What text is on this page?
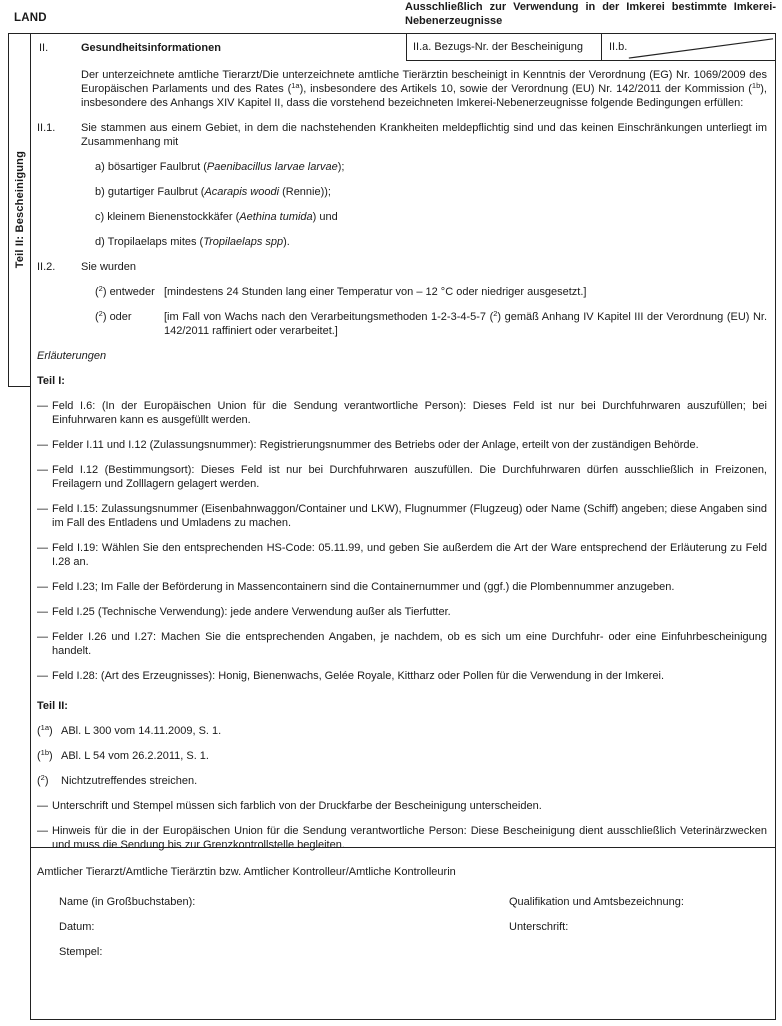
LAND
Ausschließlich zur Verwendung in der Imkerei bestimmte Imkerei-Nebenerzeugnisse
Teil II: Bescheinigung
II.	Gesundheitsinformationen	II.a. Bezugs-Nr. der Bescheinigung II.b.
Der unterzeichnete amtliche Tierarzt/Die unterzeichnete amtliche Tierärztin bescheinigt in Kenntnis der Verordnung (EG) Nr. 1069/2009 des Europäischen Parlaments und des Rates ($^{1a}$), insbesondere des Artikels 10, sowie der Verordnung (EU) Nr. 142/2011 der Kommission ($^{1b}$), insbesondere des Anhangs XIV Kapitel II, dass die vorstehend bezeichneten Imkerei-Nebenerzeugnisse folgende Bedingungen erfüllen:
II.1.	Sie stammen aus einem Gebiet, in dem die nachstehenden Krankheiten meldepflichtig sind und das keinen Einschränkungen unterliegt im Zusammenhang mit
a) bösartiger Faulbrut (Paenibacillus larvae larvae);
b) gutartiger Faulbrut (Acarapis woodi (Rennie));
c) kleinem Bienenstockkäfer (Aethina tumida) und
d) Tropilaelaps mites (Tropilaelaps spp).
II.2.	Sie wurden
($^2$) entweder [mindestens 24 Stunden lang einer Temperatur von – 12 °C oder niedriger ausgesetzt.]
($^2$) oder	[im Fall von Wachs nach den Verarbeitungsmethoden 1-2-3-4-5-7 ($^2$) gemäß Anhang IV Kapitel III der Verordnung (EU) Nr. 142/2011 raffiniert oder verarbeitet.]
Erläuterungen
Teil I:
— Feld I.6: (In der Europäischen Union für die Sendung verantwortliche Person): Dieses Feld ist nur bei Durchfuhrwaren auszufüllen; bei Einfuhrwaren kann es ausgefüllt werden.
— Felder I.11 und I.12 (Zulassungsnummer): Registrierungsnummer des Betriebs oder der Anlage, erteilt von der zuständigen Behörde.
— Feld I.12 (Bestimmungsort): Dieses Feld ist nur bei Durchfuhrwaren auszufüllen. Die Durchfuhrwaren dürfen ausschließlich in Freizonen, Freilagern und Zolllagern gelagert werden.
— Feld I.15: Zulassungsnummer (Eisenbahnwaggon/Container und LKW), Flugnummer (Flugzeug) oder Name (Schiff) angeben; diese Angaben sind im Fall des Entladens und Umladens zu machen.
— Feld I.19: Wählen Sie den entsprechenden HS-Code: 05.11.99, und geben Sie außerdem die Art der Ware entsprechend der Erläuterung zu Feld I.28 an.
— Feld I.23; Im Falle der Beförderung in Massencontainern sind die Containernummer und (ggf.) die Plombennummer anzugeben.
— Feld I.25 (Technische Verwendung): jede andere Verwendung außer als Tierfutter.
— Felder I.26 und I.27: Machen Sie die entsprechenden Angaben, je nachdem, ob es sich um eine Durchfuhr- oder eine Einfuhrbescheinigung handelt.
— Feld I.28: (Art des Erzeugnisses): Honig, Bienenwachs, Gelée Royale, Kittharz oder Pollen für die Verwendung in der Imkerei.
Teil II:
($^{1a}$) ABl. L 300 vom 14.11.2009, S. 1.
($^{1b}$) ABl. L 54 vom 26.2.2011, S. 1.
($^2$)	Nichtzutreffendes streichen.
— Unterschrift und Stempel müssen sich farblich von der Druckfarbe der Bescheinigung unterscheiden.
— Hinweis für die in der Europäischen Union für die Sendung verantwortliche Person: Diese Bescheinigung dient ausschließlich Veterinärzwecken und muss die Sendung bis zur Grenzkontrollstelle begleiten.
Amtlicher Tierarzt/Amtliche Tierärztin bzw. Amtlicher Kontrolleur/Amtliche Kontrolleurin
Name (in Großbuchstaben):	Qualifikation und Amtsbezeichnung:
Datum:	Unterschrift:
Stempel:
